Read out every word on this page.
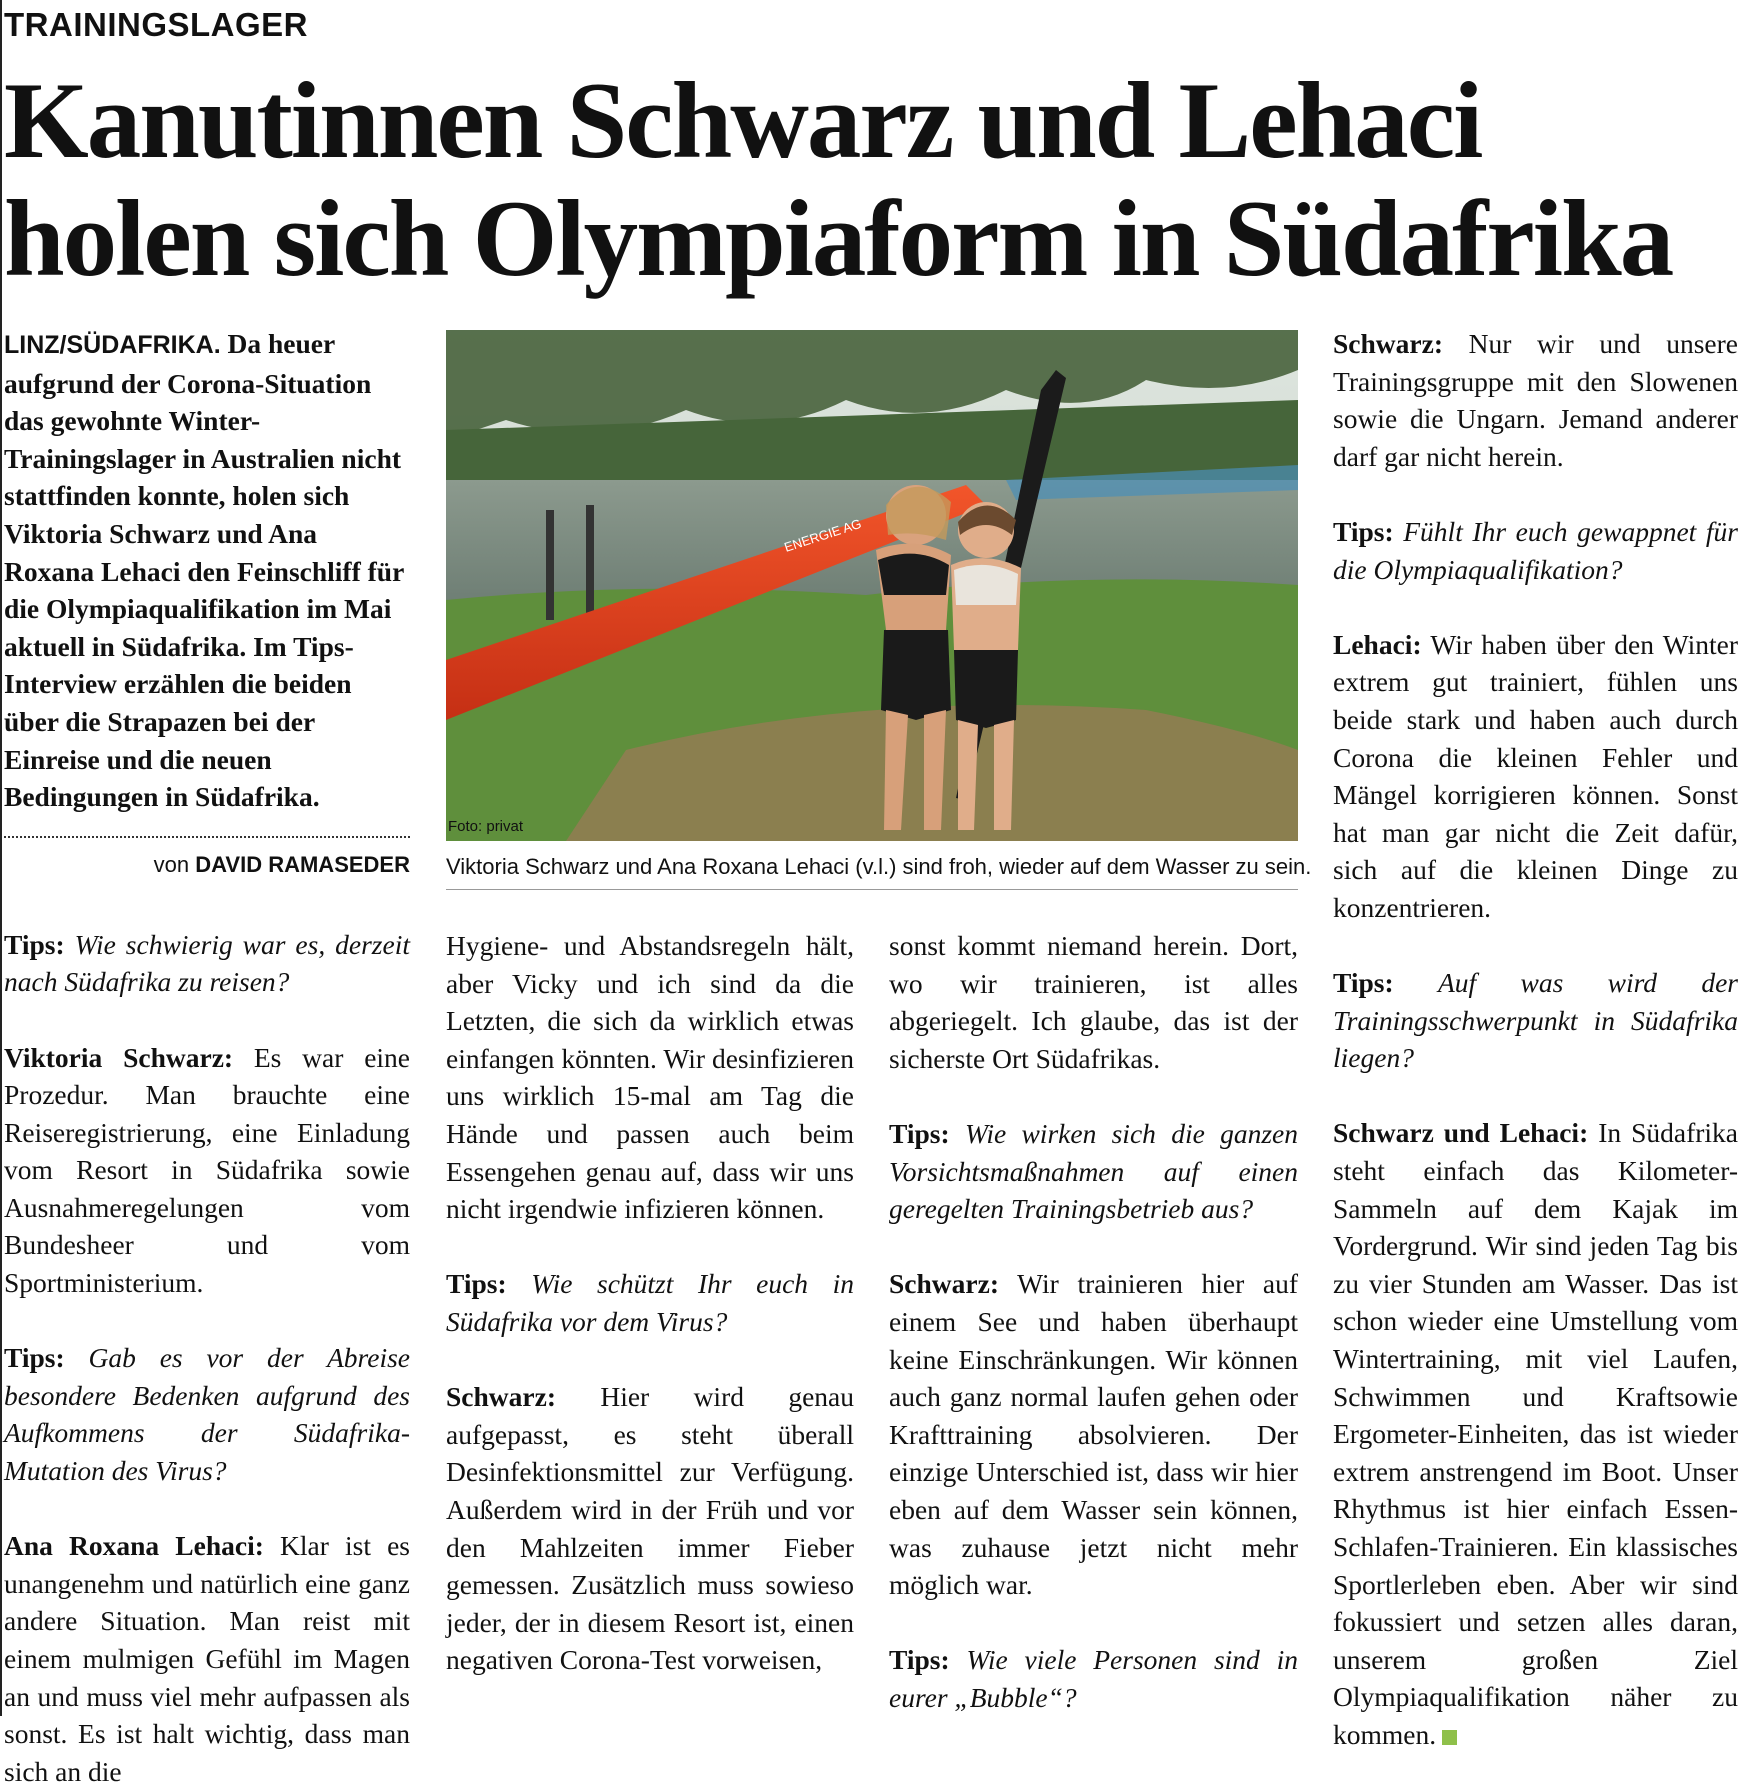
TRAININGSLAGER
Kanutinnen Schwarz und Lehaci
holen sich Olympiaform in Südafrika
LINZ/SÜDAFRIKA. Da heuer aufgrund der Corona-Situation das gewohnte Winter-Trainingslager in Australien nicht stattfinden konnte, holen sich Viktoria Schwarz und Ana Roxana Lehaci den Feinschliff für die Olympiaqualifikation im Mai aktuell in Südafrika. Im Tips-Interview erzählen die beiden über die Strapazen bei der Einreise und die neuen Bedingungen in Südafrika.
von DAVID RAMASEDER

Tips: Wie schwierig war es, derzeit nach Südafrika zu reisen?

Viktoria Schwarz: Es war eine Prozedur. Man brauchte eine Reiseregistrierung, eine Einladung vom Resort in Südafrika sowie Ausnahmeregelungen vom Bundesheer und vom Sportministerium.

Tips: Gab es vor der Abreise besondere Bedenken aufgrund des Aufkommens der Südafrika-Mutation des Virus?

Ana Roxana Lehaci: Klar ist es unangenehm und natürlich eine ganz andere Situation. Man reist mit einem mulmigen Gefühl im Magen an und muss viel mehr aufpassen als sonst. Es ist halt wichtig, dass man sich an die

ENERGIE AG
Foto: privat
Viktoria Schwarz und Ana Roxana Lehaci (v.l.) sind froh, wieder auf dem Wasser zu sein.

Hygiene- und Abstandsregeln hält, aber Vicky und ich sind da die Letzten, die sich da wirklich etwas einfangen könnten. Wir desinfizieren uns wirklich 15-mal am Tag die Hände und passen auch beim Essengehen genau auf, dass wir uns nicht irgendwie infizieren können.

Tips: Wie schützt Ihr euch in Südafrika vor dem Virus?

Schwarz: Hier wird genau aufgepasst, es steht überall Desinfektionsmittel zur Verfügung. Außerdem wird in der Früh und vor den Mahlzeiten immer Fieber gemessen. Zusätzlich muss sowieso jeder, der in diesem Resort ist, einen negativen Corona-Test vorweisen,

sonst kommt niemand herein. Dort, wo wir trainieren, ist alles abgeriegelt. Ich glaube, das ist der sicherste Ort Südafrikas.

Tips: Wie wirken sich die ganzen Vorsichtsmaßnahmen auf einen geregelten Trainingsbetrieb aus?

Schwarz: Wir trainieren hier auf einem See und haben überhaupt keine Einschränkungen. Wir können auch ganz normal laufen gehen oder Krafttraining absolvieren. Der einzige Unterschied ist, dass wir hier eben auf dem Wasser sein können, was zuhause jetzt nicht mehr möglich war.

Tips: Wie viele Personen sind in eurer „Bubble“?

Schwarz: Nur wir und unsere Trainingsgruppe mit den Slowenen sowie die Ungarn. Jemand anderer darf gar nicht herein.

Tips: Fühlt Ihr euch gewappnet für die Olympiaqualifikation?

Lehaci: Wir haben über den Winter extrem gut trainiert, fühlen uns beide stark und haben auch durch Corona die kleinen Fehler und Mängel korrigieren können. Sonst hat man gar nicht die Zeit dafür, sich auf die kleinen Dinge zu konzentrieren.

Tips: Auf was wird der Trainingsschwerpunkt in Südafrika liegen?

Schwarz und Lehaci: In Südafrika steht einfach das Kilometer-Sammeln auf dem Kajak im Vordergrund. Wir sind jeden Tag bis zu vier Stunden am Wasser. Das ist schon wieder eine Umstellung vom Wintertraining, mit viel Laufen, Schwimmen und Kraftsowie Ergometer-Einheiten, das ist wieder extrem anstrengend im Boot. Unser Rhythmus ist hier einfach Essen-Schlafen-Trainieren. Ein klassisches Sportlerleben eben. Aber wir sind fokussiert und setzen alles daran, unserem großen Ziel Olympiaqualifikation näher zu kommen.
